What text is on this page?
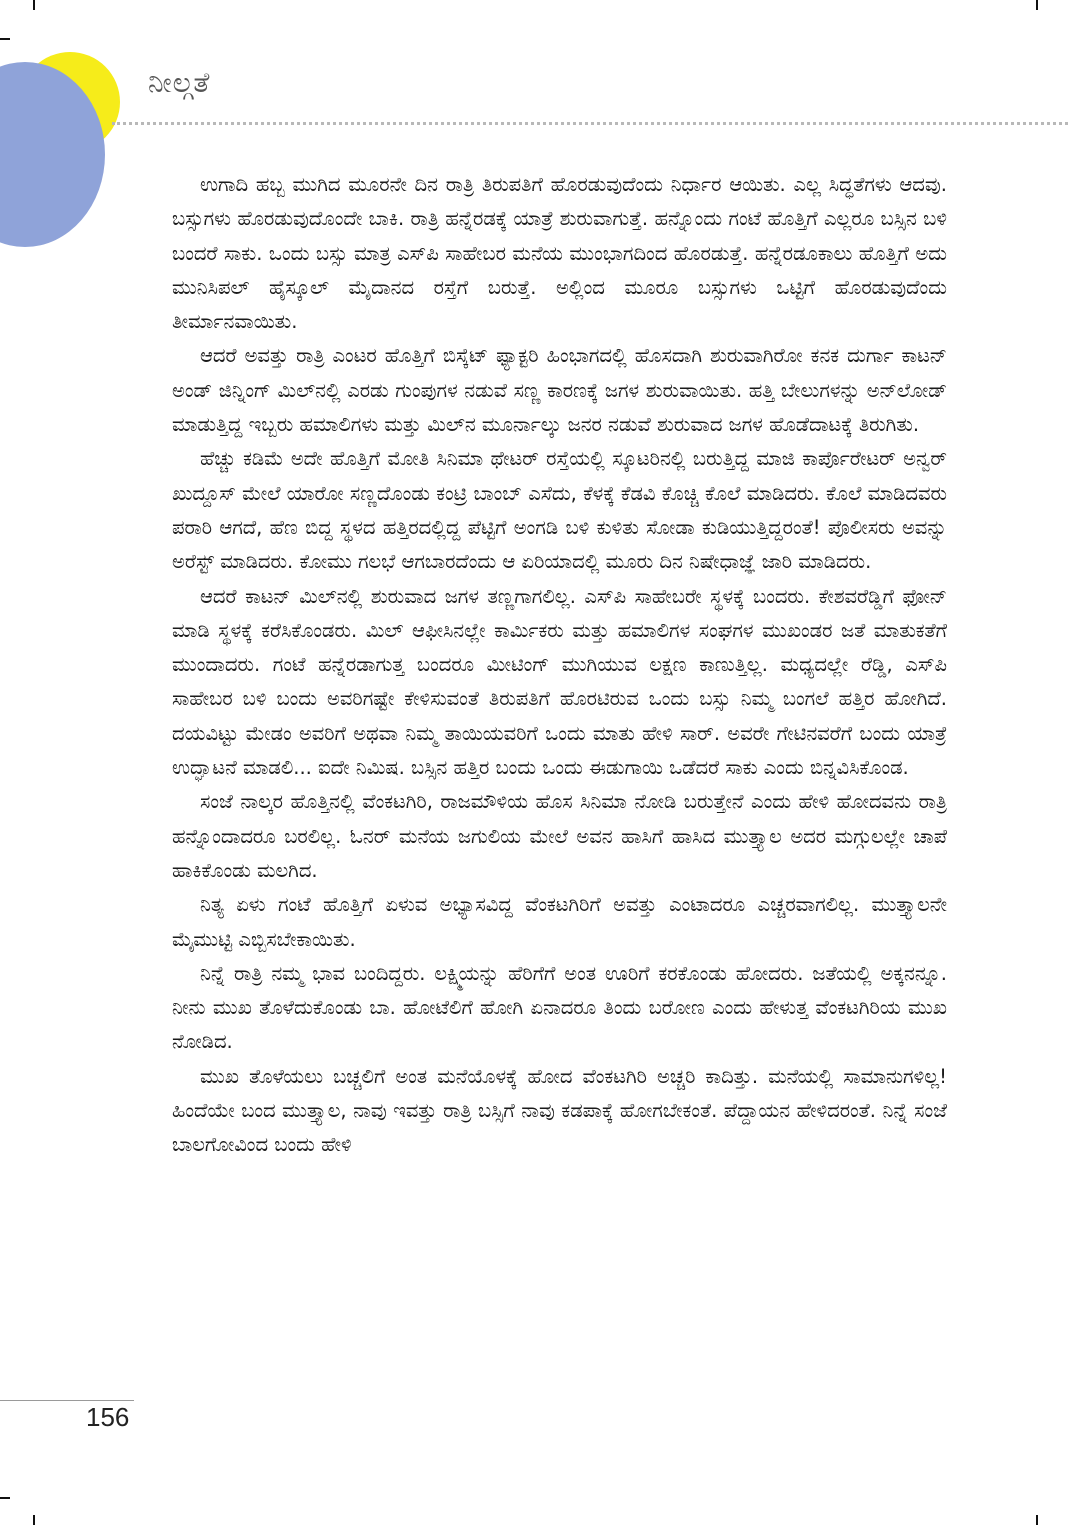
ನೀಲ್ಗತೆ

ಉಗಾದಿ ಹಬ್ಬ ಮುಗಿದ ಮೂರನೇ ದಿನ ರಾತ್ರಿ ತಿರುಪತಿಗೆ ಹೊರಡುವುದೆಂದು ನಿರ್ಧಾರ ಆಯಿತು. ಎಲ್ಲ ಸಿದ್ಧತೆಗಳು ಆದವು. ಬಸ್ಸುಗಳು ಹೊರಡುವುದೊಂದೇ ಬಾಕಿ. ರಾತ್ರಿ ಹನ್ನೆರಡಕ್ಕೆ ಯಾತ್ರೆ ಶುರುವಾಗುತ್ತೆ. ಹನ್ನೊಂದು ಗಂಟೆ ಹೊತ್ತಿಗೆ ಎಲ್ಲರೂ ಬಸ್ಸಿನ ಬಳಿ ಬಂದರೆ ಸಾಕು. ಒಂದು ಬಸ್ಸು ಮಾತ್ರ ಎಸ್‌ಪಿ ಸಾಹೇಬರ ಮನೆಯ ಮುಂಭಾಗದಿಂದ ಹೊರಡುತ್ತೆ. ಹನ್ನೆರಡೂಕಾಲು ಹೊತ್ತಿಗೆ ಅದು ಮುನಿಸಿಪಲ್ ಹೈಸ್ಕೂಲ್ ಮೈದಾನದ ರಸ್ತೆಗೆ ಬರುತ್ತೆ. ಅಲ್ಲಿಂದ ಮೂರೂ ಬಸ್ಸುಗಳು ಒಟ್ಟಿಗೆ ಹೊರಡುವುದೆಂದು ತೀರ್ಮಾನವಾಯಿತು.

ಆದರೆ ಅವತ್ತು ರಾತ್ರಿ ಎಂಟರ ಹೊತ್ತಿಗೆ ಬಿಸ್ಕೆಟ್ ಫ್ಯಾಕ್ಟರಿ ಹಿಂಭಾಗದಲ್ಲಿ ಹೊಸದಾಗಿ ಶುರುವಾಗಿರೋ ಕನಕ ದುರ್ಗಾ ಕಾಟನ್ ಅಂಡ್ ಜಿನ್ನಿಂಗ್ ಮಿಲ್‌ನಲ್ಲಿ ಎರಡು ಗುಂಪುಗಳ ನಡುವೆ ಸಣ್ಣ ಕಾರಣಕ್ಕೆ ಜಗಳ ಶುರುವಾಯಿತು. ಹತ್ತಿ ಬೇಲುಗಳನ್ನು ಅನ್‌ಲೋಡ್ ಮಾಡುತ್ತಿದ್ದ ಇಬ್ಬರು ಹಮಾಲಿಗಳು ಮತ್ತು ಮಿಲ್‌ನ ಮೂರ್ನಾಲ್ಕು ಜನರ ನಡುವೆ ಶುರುವಾದ ಜಗಳ ಹೊಡೆದಾಟಕ್ಕೆ ತಿರುಗಿತು.

ಹೆಚ್ಚು ಕಡಿಮೆ ಅದೇ ಹೊತ್ತಿಗೆ ಮೋತಿ ಸಿನಿಮಾ ಥೇಟರ್ ರಸ್ತೆಯಲ್ಲಿ ಸ್ಕೂಟರಿನಲ್ಲಿ ಬರುತ್ತಿದ್ದ ಮಾಜಿ ಕಾರ್ಪೊರೇಟರ್ ಅನ್ವರ್ ಖುದ್ದೂಸ್ ಮೇಲೆ ಯಾರೋ ಸಣ್ಣದೊಂಡು ಕಂಟ್ರಿ ಬಾಂಬ್ ಎಸೆದು, ಕೆಳಕ್ಕೆ ಕೆಡವಿ ಕೊಚ್ಚಿ ಕೊಲೆ ಮಾಡಿದರು. ಕೊಲೆ ಮಾಡಿದವರು ಪರಾರಿ ಆಗದೆ, ಹೆಣ ಬಿದ್ದ ಸ್ಥಳದ ಹತ್ತಿರದಲ್ಲಿದ್ದ ಪೆಟ್ಟಿಗೆ ಅಂಗಡಿ ಬಳಿ ಕುಳಿತು ಸೋಡಾ ಕುಡಿಯುತ್ತಿದ್ದರಂತೆ! ಪೊಲೀಸರು ಅವನ್ನು ಅರೆಸ್ಟ್ ಮಾಡಿದರು. ಕೋಮು ಗಲಭೆ ಆಗಬಾರದೆಂದು ಆ ಏರಿಯಾದಲ್ಲಿ ಮೂರು ದಿನ ನಿಷೇಧಾಜ್ಞೆ ಜಾರಿ ಮಾಡಿದರು.

ಆದರೆ ಕಾಟನ್ ಮಿಲ್‌ನಲ್ಲಿ ಶುರುವಾದ ಜಗಳ ತಣ್ಣಗಾಗಲಿಲ್ಲ. ಎಸ್‌ಪಿ ಸಾಹೇಬರೇ ಸ್ಥಳಕ್ಕೆ ಬಂದರು. ಕೇಶವರೆಡ್ಡಿಗೆ ಫೋನ್ ಮಾಡಿ ಸ್ಥಳಕ್ಕೆ ಕರೆಸಿಕೊಂಡರು. ಮಿಲ್ ಆಫೀಸಿನಲ್ಲೇ ಕಾರ್ಮಿಕರು ಮತ್ತು ಹಮಾಲಿಗಳ ಸಂಘಗಳ ಮುಖಂಡರ ಜತೆ ಮಾತುಕತೆಗೆ ಮುಂದಾದರು. ಗಂಟೆ ಹನ್ನೆರಡಾಗುತ್ತ ಬಂದರೂ ಮೀಟಿಂಗ್ ಮುಗಿಯುವ ಲಕ್ಷಣ ಕಾಣುತ್ತಿಲ್ಲ. ಮಧ್ಯದಲ್ಲೇ ರೆಡ್ಡಿ, ಎಸ್‌ಪಿ ಸಾಹೇಬರ ಬಳಿ ಬಂದು ಅವರಿಗಷ್ಟೇ ಕೇಳಿಸುವಂತೆ ತಿರುಪತಿಗೆ ಹೊರಟಿರುವ ಒಂದು ಬಸ್ಸು ನಿಮ್ಮ ಬಂಗಲೆ ಹತ್ತಿರ ಹೋಗಿದೆ. ದಯವಿಟ್ಟು ಮೇಡಂ ಅವರಿಗೆ ಅಥವಾ ನಿಮ್ಮ ತಾಯಿಯವರಿಗೆ ಒಂದು ಮಾತು ಹೇಳಿ ಸಾರ್. ಅವರೇ ಗೇಟಿನವರೆಗೆ ಬಂದು ಯಾತ್ರೆ ಉದ್ಘಾಟನೆ ಮಾಡಲಿ... ಐದೇ ನಿಮಿಷ. ಬಸ್ಸಿನ ಹತ್ತಿರ ಬಂದು ಒಂದು ಈಡುಗಾಯಿ ಒಡೆದರೆ ಸಾಕು ಎಂದು ಬಿನ್ನವಿಸಿಕೊಂಡ.

ಸಂಜೆ ನಾಲ್ಕರ ಹೊತ್ತಿನಲ್ಲಿ ವೆಂಕಟಗಿರಿ, ರಾಜಮೌಳಿಯ ಹೊಸ ಸಿನಿಮಾ ನೋಡಿ ಬರುತ್ತೇನೆ ಎಂದು ಹೇಳಿ ಹೋದವನು ರಾತ್ರಿ ಹನ್ನೊಂದಾದರೂ ಬರಲಿಲ್ಲ. ಓನರ್ ಮನೆಯ ಜಗುಲಿಯ ಮೇಲೆ ಅವನ ಹಾಸಿಗೆ ಹಾಸಿದ ಮುತ್ತ್ಯಾಲ ಅದರ ಮಗ್ಗುಲಲ್ಲೇ ಚಾಪೆ ಹಾಕಿಕೊಂಡು ಮಲಗಿದ.

ನಿತ್ಯ ಏಳು ಗಂಟೆ ಹೊತ್ತಿಗೆ ಏಳುವ ಅಭ್ಯಾಸವಿದ್ದ ವೆಂಕಟಗಿರಿಗೆ ಅವತ್ತು ಎಂಟಾದರೂ ಎಚ್ಚರವಾಗಲಿಲ್ಲ. ಮುತ್ತ್ಯಾಲನೇ ಮೈಮುಟ್ಟಿ ಎಬ್ಬಿಸಬೇಕಾಯಿತು.

ನಿನ್ನೆ ರಾತ್ರಿ ನಮ್ಮ ಭಾವ ಬಂದಿದ್ದರು. ಲಕ್ಷ್ಮಿಯನ್ನು ಹೆರಿಗೆಗೆ ಅಂತ ಊರಿಗೆ ಕರಕೊಂಡು ಹೋದರು. ಜತೆಯಲ್ಲಿ ಅಕ್ಕನನ್ನೂ. ನೀನು ಮುಖ ತೊಳೆದುಕೊಂಡು ಬಾ. ಹೋಟೆಲಿಗೆ ಹೋಗಿ ಏನಾದರೂ ತಿಂದು ಬರೋಣ ಎಂದು ಹೇಳುತ್ತ ವೆಂಕಟಗಿರಿಯ ಮುಖ ನೋಡಿದ.

ಮುಖ ತೊಳೆಯಲು ಬಚ್ಚಲಿಗೆ ಅಂತ ಮನೆಯೊಳಕ್ಕೆ ಹೋದ ವೆಂಕಟಗಿರಿ ಅಚ್ಚರಿ ಕಾದಿತ್ತು. ಮನೆಯಲ್ಲಿ ಸಾಮಾನುಗಳಿಲ್ಲ! ಹಿಂದೆಯೇ ಬಂದ ಮುತ್ತ್ಯಾಲ, ನಾವು ಇವತ್ತು ರಾತ್ರಿ ಬಸ್ಸಿಗೆ ನಾವು ಕಡಪಾಕ್ಕೆ ಹೋಗಬೇಕಂತೆ. ಪೆದ್ದಾಯನ ಹೇಳಿದರಂತೆ. ನಿನ್ನೆ ಸಂಜೆ ಬಾಲಗೋವಿಂದ ಬಂದು ಹೇಳಿ

156
